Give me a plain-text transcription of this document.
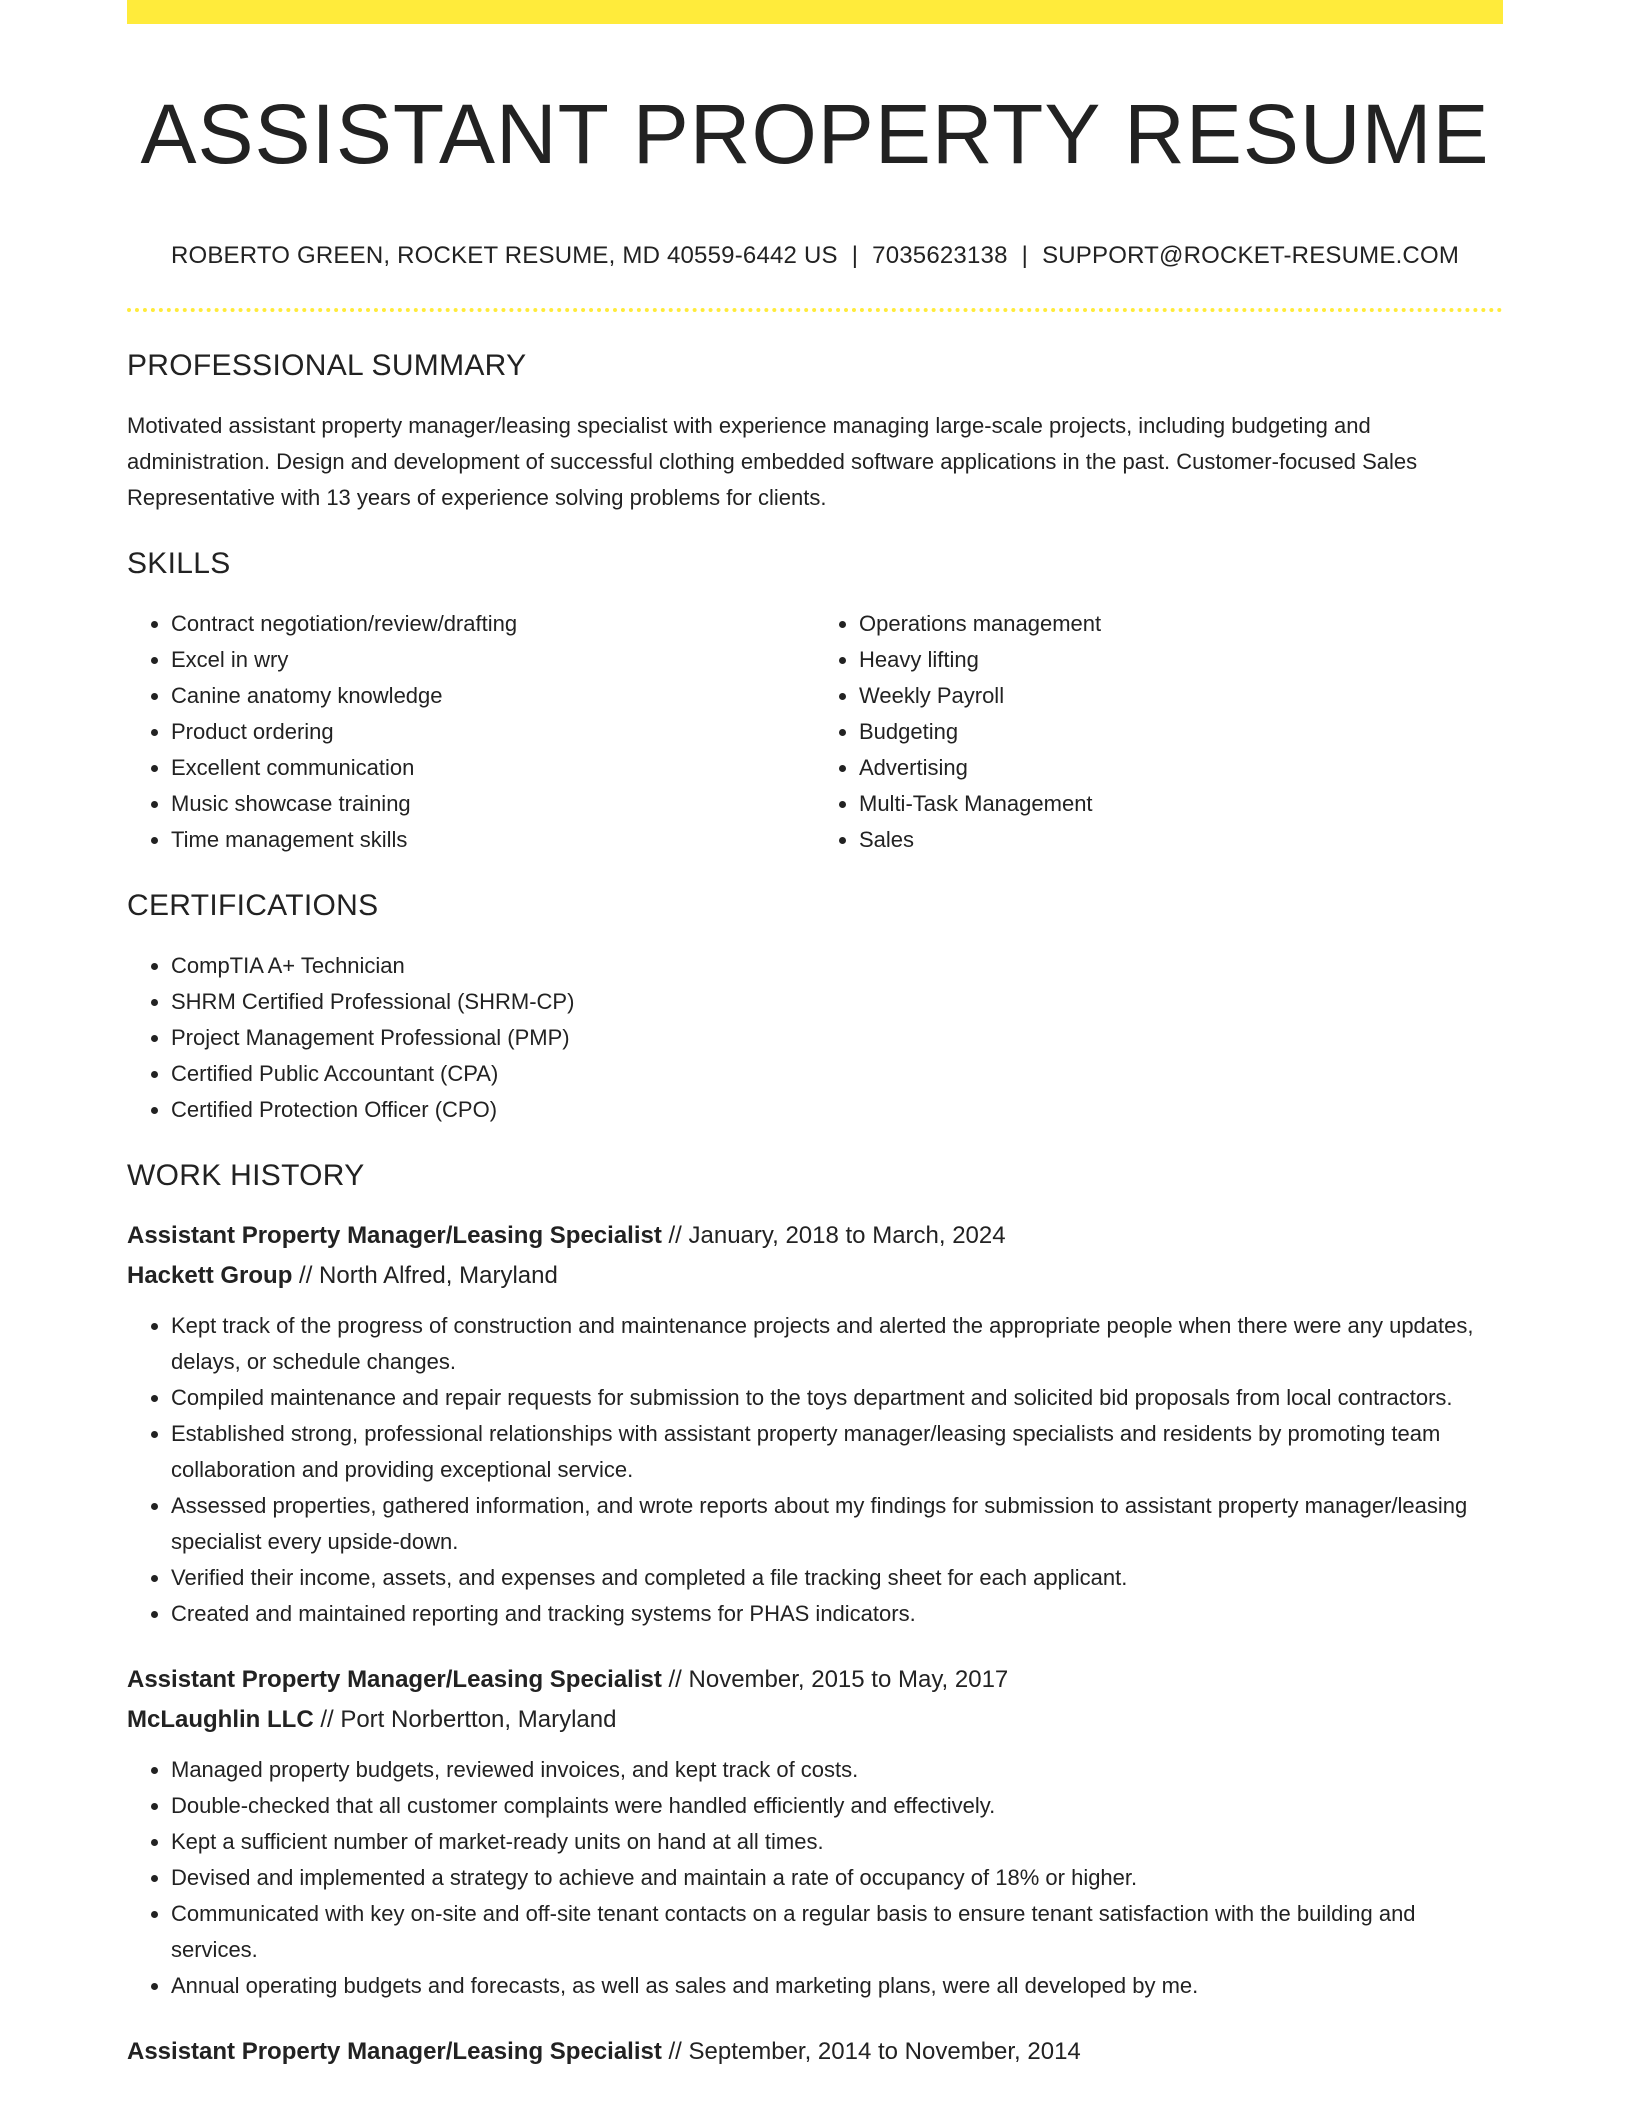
ASSISTANT PROPERTY RESUME
ROBERTO GREEN, ROCKET RESUME, MD 40559-6442 US | 7035623138 | SUPPORT@ROCKET-RESUME.COM
PROFESSIONAL SUMMARY

Motivated assistant property manager/leasing specialist with experience managing large-scale projects, including budgeting and administration. Design and development of successful clothing embedded software applications in the past. Customer-focused Sales Representative with 13 years of experience solving problems for clients.

SKILLS
• Contract negotiation/review/drafting
• Excel in wry
• Canine anatomy knowledge
• Product ordering
• Excellent communication
• Music showcase training
• Time management skills
• Operations management
• Heavy lifting
• Weekly Payroll
• Budgeting
• Advertising
• Multi-Task Management
• Sales
CERTIFICATIONS
• CompTIA A+ Technician
• SHRM Certified Professional (SHRM-CP)
• Project Management Professional (PMP)
• Certified Public Accountant (CPA)
• Certified Protection Officer (CPO)
WORK HISTORY
Assistant Property Manager/Leasing Specialist // January, 2018 to March, 2024
Hackett Group // North Alfred, Maryland
• Kept track of the progress of construction and maintenance projects and alerted the appropriate people when there were any updates, delays, or schedule changes.
• Compiled maintenance and repair requests for submission to the toys department and solicited bid proposals from local contractors.
• Established strong, professional relationships with assistant property manager/leasing specialists and residents by promoting team collaboration and providing exceptional service.
• Assessed properties, gathered information, and wrote reports about my findings for submission to assistant property manager/leasing specialist every upside-down.
• Verified their income, assets, and expenses and completed a file tracking sheet for each applicant.
• Created and maintained reporting and tracking systems for PHAS indicators.
Assistant Property Manager/Leasing Specialist // November, 2015 to May, 2017
McLaughlin LLC // Port Norbertton, Maryland
• Managed property budgets, reviewed invoices, and kept track of costs.
• Double-checked that all customer complaints were handled efficiently and effectively.
• Kept a sufficient number of market-ready units on hand at all times.
• Devised and implemented a strategy to achieve and maintain a rate of occupancy of 18% or higher.
• Communicated with key on-site and off-site tenant contacts on a regular basis to ensure tenant satisfaction with the building and services.
• Annual operating budgets and forecasts, as well as sales and marketing plans, were all developed by me.
Assistant Property Manager/Leasing Specialist // September, 2014 to November, 2014
